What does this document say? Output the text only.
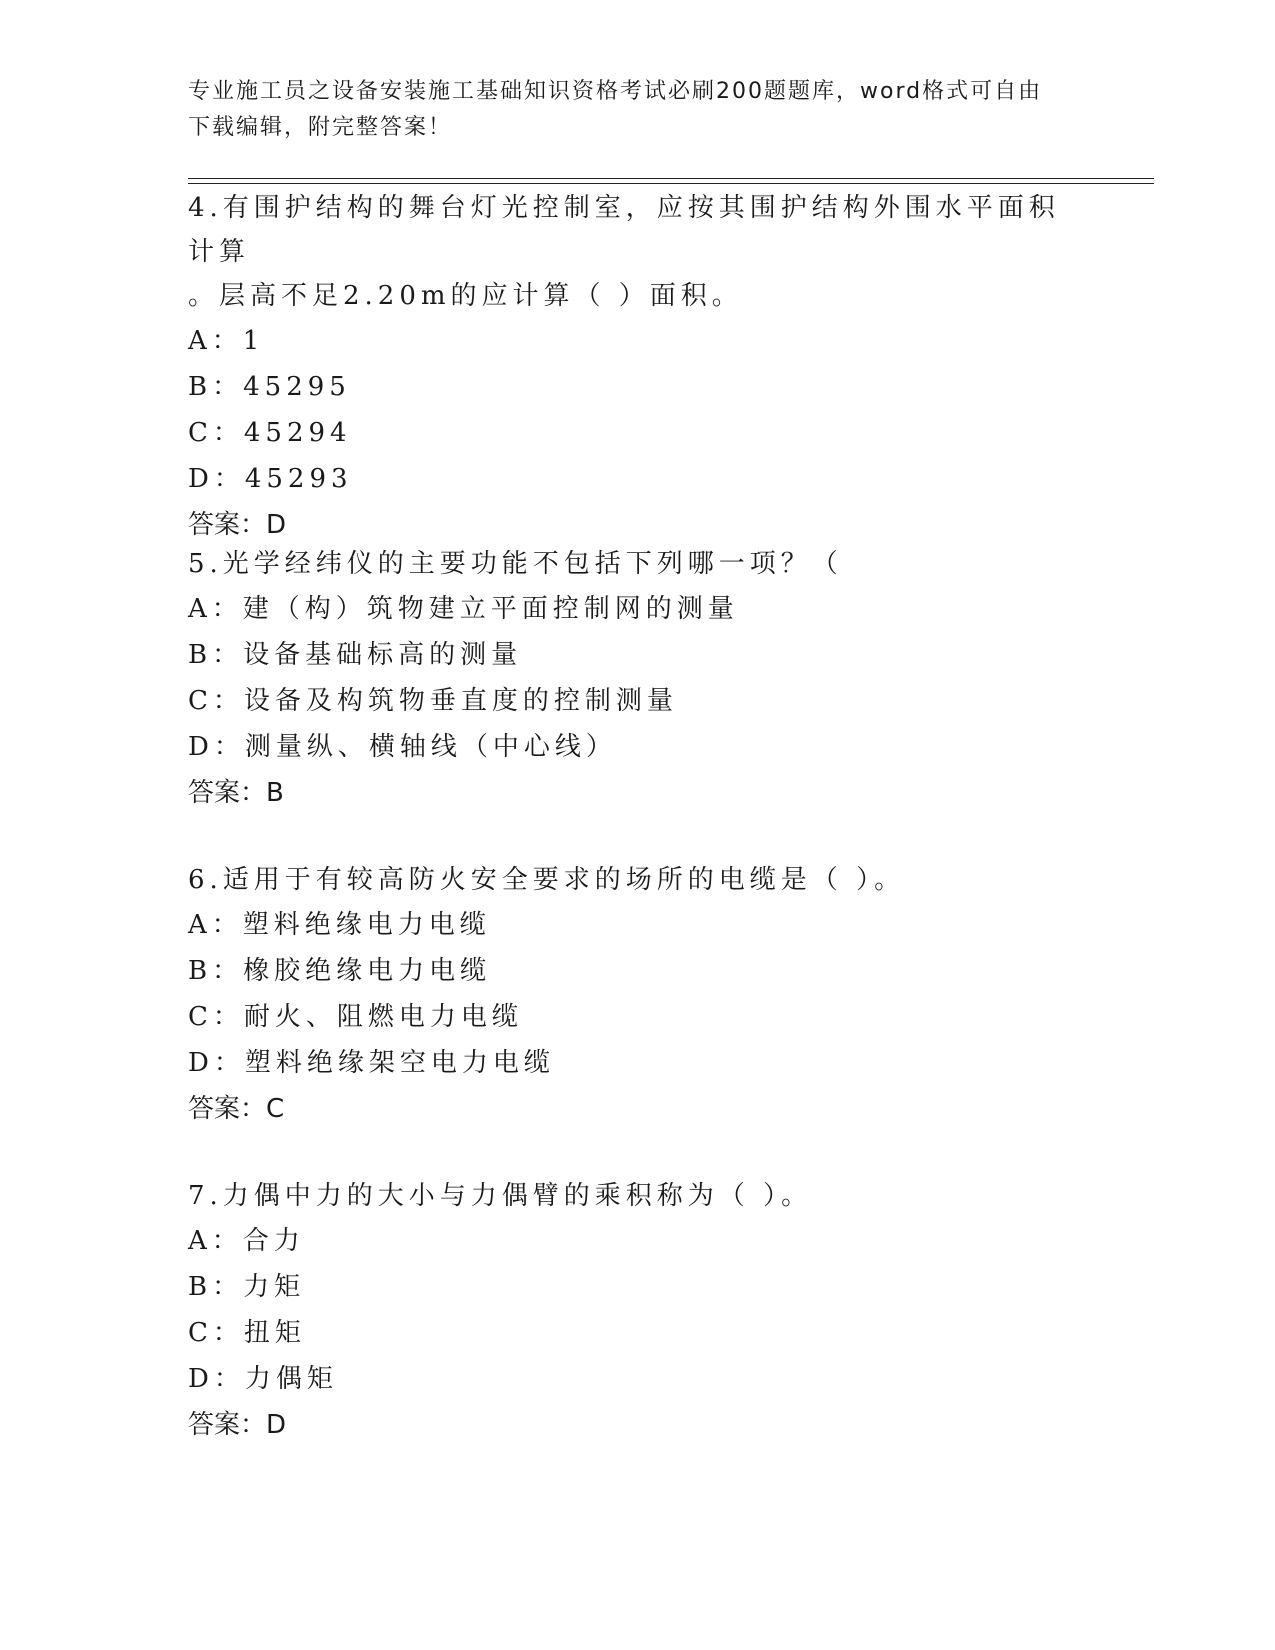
专业施工员之设备安装施工基础知识资格考试必刷200题题库，word格式可自由
下载编辑，附完整答案！

4.有围护结构的舞台灯光控制室，应按其围护结构外围水平面积计算

。层高不足2.20m的应计算（ ）面积。

A：1

B：45295

C：45294

D：45293

答案：D

5.光学经纬仪的主要功能不包括下列哪一项？（

A：建（构）筑物建立平面控制网的测量

B：设备基础标高的测量

C：设备及构筑物垂直度的控制测量

D：测量纵、横轴线（中心线）

答案：B

6.适用于有较高防火安全要求的场所的电缆是（ ）。

A：塑料绝缘电力电缆

B：橡胶绝缘电力电缆

C：耐火、阻燃电力电缆

D：塑料绝缘架空电力电缆

答案：C

7.力偶中力的大小与力偶臂的乘积称为（ ）。

A：合力

B：力矩

C：扭矩

D：力偶矩

答案：D
